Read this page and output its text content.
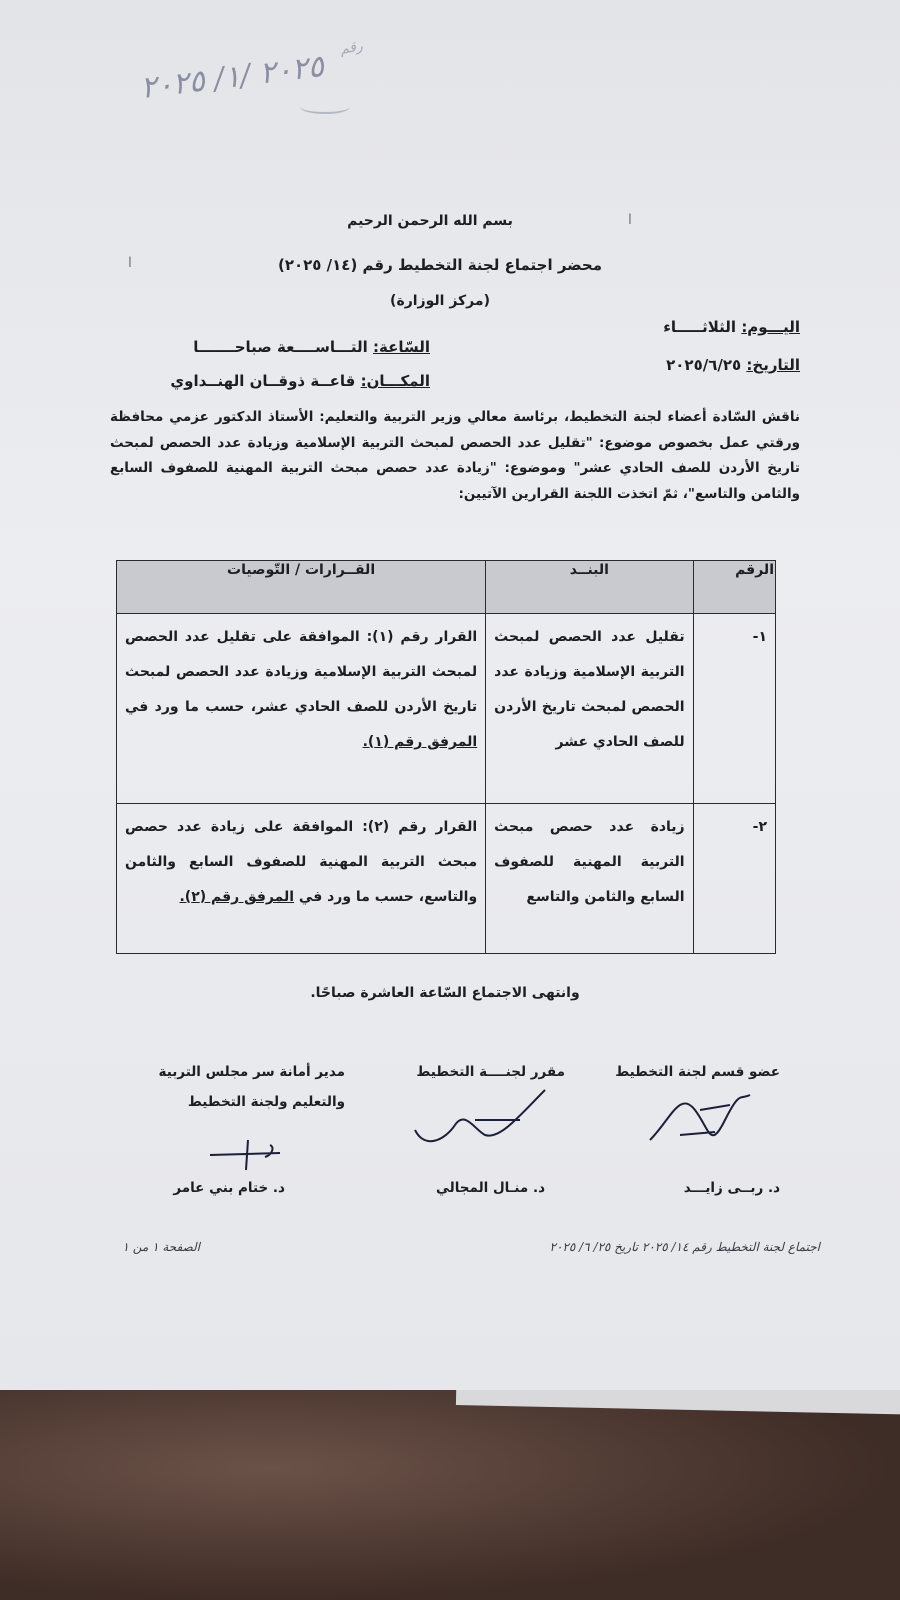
٢٠٢٥ /١/ ٢٠٢٥
رقم
ا
ا
بسم الله الرحمن الرحيم
محضر اجتماع لجنة التخطيط رقم (١٤/ ٢٠٢٥)
(مركز الوزارة)
اليـــوم: الثلاثـــــاء
السّاعة: التـــاســــعة صباحـــــــا
التاريخ: ٢٠٢٥/٦/٢٥
المكـــان: قاعــة ذوقــان الهنــداوي
ناقش السّادة أعضاء لجنة التخطيط، برئاسة معالي وزير التربية والتعليم: الأستاذ الدكتور عزمي محافظة ورقتي عمل بخصوص موضوع: "تقليل عدد الحصص لمبحث التربية الإسلامية وزيادة عدد الحصص لمبحث تاريخ الأردن للصف الحادي عشر" وموضوع: "زيادة عدد حصص مبحث التربية المهنية للصفوف السابع والثامن والتاسع"، ثمّ اتخذت اللجنة القرارين الآتيين:
الرقم	البنــد	القــرارات / التّوصيات
١-	تقليل عدد الحصص لمبحث التربية الإسلامية وزيادة عدد الحصص لمبحث تاريخ الأردن للصف الحادي عشر	القرار رقم (١): الموافقة على تقليل عدد الحصص لمبحث التربية الإسلامية وزيادة عدد الحصص لمبحث تاريخ الأردن للصف الحادي عشر، حسب ما ورد في المرفق رقم (١).
٢-	زيادة عدد حصص مبحث التربية المهنية للصفوف السابع والثامن والتاسع	القرار رقم (٢): الموافقة على زيادة عدد حصص مبحث التربية المهنية للصفوف السابع والثامن والتاسع، حسب ما ورد في المرفق رقم (٢).
وانتهى الاجتماع السّاعة العاشرة صباحًا.
عضو قسم لجنة التخطيط
مقرر لجنــــة التخطيط
مدير أمانة سر مجلس التربية والتعليم ولجنة التخطيط
د. ربــى زايـــد
د. منـال المجالي
د. ختام بني عامر
اجتماع لجنة التخطيط رقم ١٤/ ٢٠٢٥ تاريخ ٢٥/ ٦/ ٢٠٢٥
الصفحة ١ من ١
